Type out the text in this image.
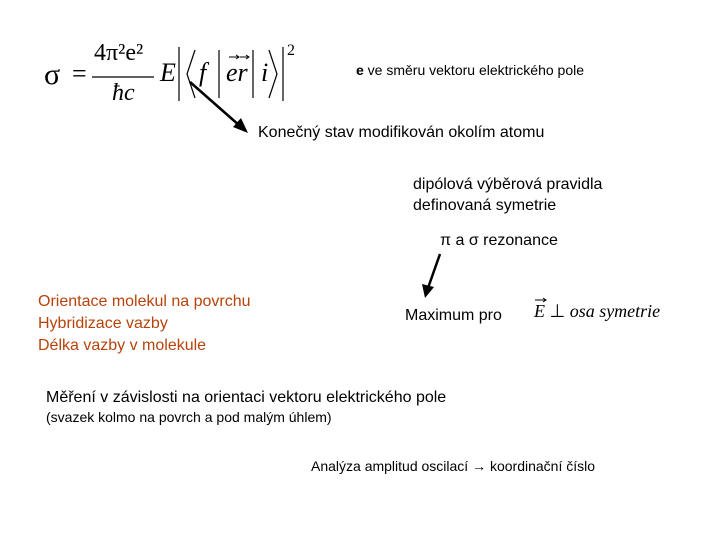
σ =
4π²e²
ħc
E f er i
2
e ve směru vektoru elektrického pole
Konečný stav modifikován okolím atomu
dipólová výběrová pravidla
definovaná symetrie
π a σ rezonance
Orientace molekul na povrchu
Hybridizace vazby
Délka vazby v molekule
Maximum pro E ⊥ osa symetrie
Měření v závislosti na orientaci vektoru elektrického pole
(svazek kolmo na povrch a pod malým úhlem)
Analýza amplitud oscilací → koordinační číslo
